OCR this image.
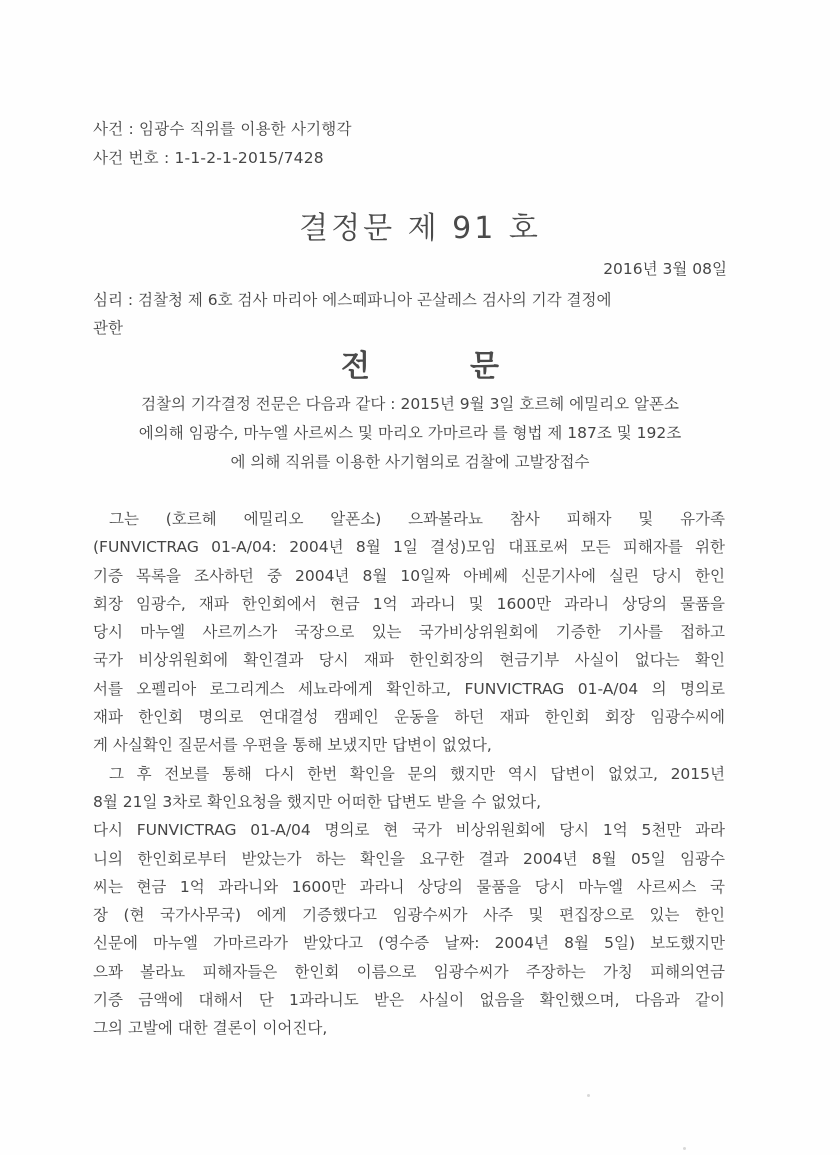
사건 : 임광수 직위를 이용한 사기행각
사건 번호 : 1-1-2-1-2015/7428
결정문 제 91 호
2016년 3월 08일
심리 : 검찰청 제 6호 검사 마리아 에스떼파니아 곤살레스 검사의 기각 결정에
관한
전	문
검찰의 기각결정 전문은 다음과 같다 : 2015년 9월 3일 호르헤 에밀리오 알폰소
에의해 임광수, 마누엘 사르씨스 및 마리오 가마르라 를 형법 제 187조 및 192조
에 의해 직위를 이용한 사기혐의로 검찰에 고발장접수

그는 (호르헤 에밀리오 알폰소) 으꽈볼라뇨 참사 피해자 및 유가족
(FUNVICTRAG 01-A/04: 2004년 8월 1일 결성)모임 대표로써 모든 피해자를 위한
기증 목록을 조사하던 중 2004년 8월 10일짜 아베쎄 신문기사에 실린 당시 한인
회장 임광수, 재파 한인회에서 현금 1억 과라니 및 1600만 과라니 상당의 물품을
당시 마누엘 사르끼스가 국장으로 있는 국가비상위원회에 기증한 기사를 접하고
국가 비상위원회에 확인결과 당시 재파 한인회장의 현금기부 사실이 없다는 확인
서를 오펠리아 로그리게스 세뇨라에게 확인하고, FUNVICTRAG 01-A/04 의 명의로
재파 한인회 명의로 연대결성 캠페인 운동을 하던 재파 한인회 회장 임광수씨에
게 사실확인 질문서를 우편을 통해 보냈지만 답변이 없었다,

그 후 전보를 통해 다시 한번 확인을 문의 했지만 역시 답변이 없었고, 2015년
8월 21일 3차로 확인요청을 했지만 어떠한 답변도 받을 수 없었다,

다시 FUNVICTRAG 01-A/04 명의로 현 국가 비상위원회에 당시 1억 5천만 과라
니의 한인회로부터 받았는가 하는 확인을 요구한 결과 2004년 8월 05일 임광수
씨는 현금 1억 과라니와 1600만 과라니 상당의 물품을 당시 마누엘 사르씨스 국
장 (현 국가사무국) 에게 기증했다고 임광수씨가 사주 및 편집장으로 있는 한인
신문에 마누엘 가마르라가 받았다고 (영수증 날짜: 2004년 8월 5일) 보도했지만
으꽈 볼라뇨 피해자들은 한인회 이름으로 임광수씨가 주장하는 가칭 피해의연금
기증 금액에 대해서 단 1과라니도 받은 사실이 없음을 확인했으며, 다음과 같이
그의 고발에 대한 결론이 이어진다,
